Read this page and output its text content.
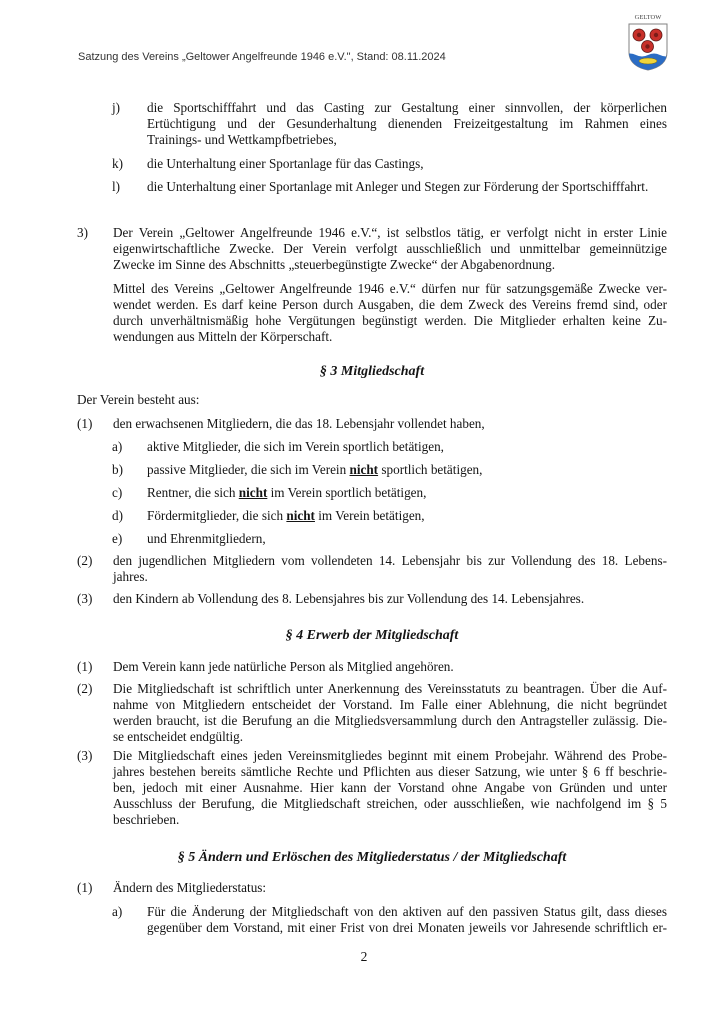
Satzung des Vereins „Geltower Angelfreunde 1946 e.V.", Stand: 08.11.2024
GELTOW
j) die Sportschifffahrt und das Casting zur Gestaltung einer sinnvollen, der körperlichen
Ertüchtigung und der Gesunderhaltung dienenden Freizeitgestaltung im Rahmen eines
Trainings- und Wettkampfbetriebes,
k) die Unterhaltung einer Sportanlage für das Castings,
l) die Unterhaltung einer Sportanlage mit Anleger und Stegen zur Förderung der Sportschifffahrt.
3) Der Verein „Geltower Angelfreunde 1946 e.V.“, ist selbstlos tätig, er verfolgt nicht in erster Linie
eigenwirtschaftliche Zwecke. Der Verein verfolgt ausschließlich und unmittelbar gemeinnützige
Zwecke im Sinne des Abschnitts „steuerbegünstigte Zwecke“ der Abgabenordnung.
Mittel des Vereins „Geltower Angelfreunde 1946 e.V.“ dürfen nur für satzungsgemäße Zwecke ver-
wendet werden. Es darf keine Person durch Ausgaben, die dem Zweck des Vereins fremd sind, oder
durch unverhältnismäßig hohe Vergütungen begünstigt werden. Die Mitglieder erhalten keine Zu-
wendungen aus Mitteln der Körperschaft.
§ 3 Mitgliedschaft
Der Verein besteht aus:
(1) den erwachsenen Mitgliedern, die das 18. Lebensjahr vollendet haben,
a) aktive Mitglieder, die sich im Verein sportlich betätigen,
b) passive Mitglieder, die sich im Verein nicht sportlich betätigen,
c) Rentner, die sich nicht im Verein sportlich betätigen,
d) Fördermitglieder, die sich nicht im Verein betätigen,
e) und Ehrenmitgliedern,
(2) den jugendlichen Mitgliedern vom vollendeten 14. Lebensjahr bis zur Vollendung des 18. Lebens-
jahres.
(3) den Kindern ab Vollendung des 8. Lebensjahres bis zur Vollendung des 14. Lebensjahres.
§ 4 Erwerb der Mitgliedschaft
(1) Dem Verein kann jede natürliche Person als Mitglied angehören.
(2) Die Mitgliedschaft ist schriftlich unter Anerkennung des Vereinsstatuts zu beantragen. Über die Auf-
nahme von Mitgliedern entscheidet der Vorstand. Im Falle einer Ablehnung, die nicht begründet
werden braucht, ist die Berufung an die Mitgliedsversammlung durch den Antragsteller zulässig. Die-
se entscheidet endgültig.
(3) Die Mitgliedschaft eines jeden Vereinsmitgliedes beginnt mit einem Probejahr. Während des Probe-
jahres bestehen bereits sämtliche Rechte und Pflichten aus dieser Satzung, wie unter § 6 ff beschrie-
ben, jedoch mit einer Ausnahme. Hier kann der Vorstand ohne Angabe von Gründen und unter
Ausschluss der Berufung, die Mitgliedschaft streichen, oder ausschließen, wie nachfolgend im § 5
beschrieben.
§ 5 Ändern und Erlöschen des Mitgliederstatus / der Mitgliedschaft
(1) Ändern des Mitgliederstatus:
a) Für die Änderung der Mitgliedschaft von den aktiven auf den passiven Status gilt, dass dieses
gegenüber dem Vorstand, mit einer Frist von drei Monaten jeweils vor Jahresende schriftlich er-
2
